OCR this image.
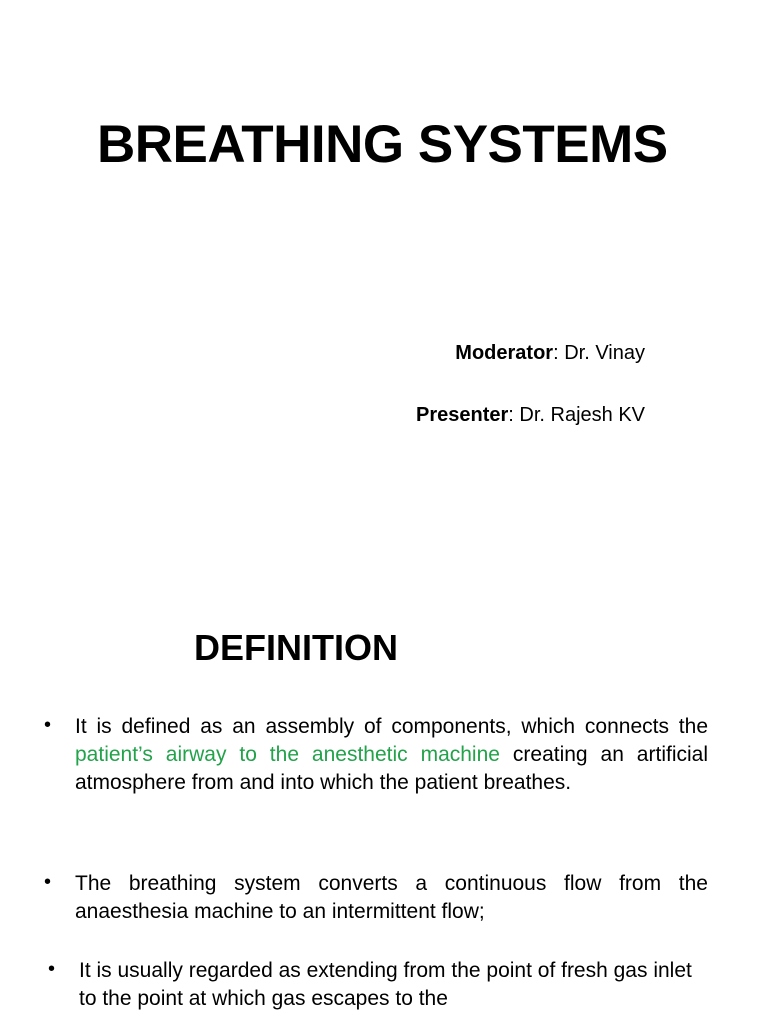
BREATHING SYSTEMS
Moderator: Dr. Vinay
Presenter: Dr. Rajesh KV
DEFINITION
• It is defined as an assembly of components, which connects the patient’s airway to the anesthetic machine creating an artificial atmosphere from and into which the patient breathes.
• The breathing system converts a continuous flow from the anaesthesia machine to an intermittent flow;
• It is usually regarded as extending from the point of fresh gas inlet to the point at which gas escapes to the
